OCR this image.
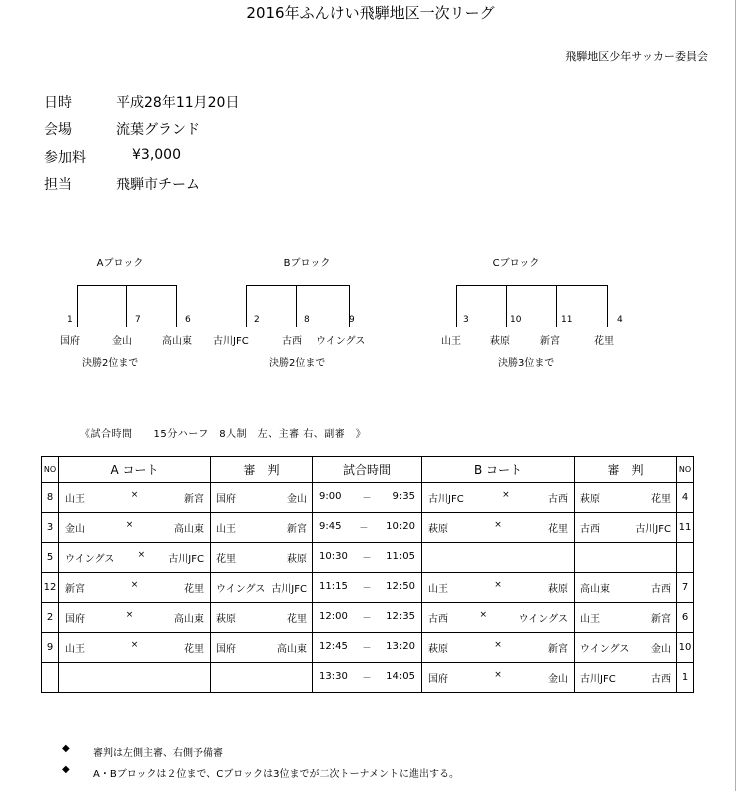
2016年ふんけい飛騨地区一次リーグ
飛騨地区少年サッカー委員会
日時	平成28年11月20日
会場	流葉グランド
参加料	¥3,000
担当	飛騨市チーム
Aブロック
1	7	6
国府	金山	高山東
決勝2位まで
Bブロック
2	8	9
古川JFC	古西 ウイングス
決勝2位まで
Cブロック
3	10	11	4
山王	萩原	新宮	花里
決勝3位まで
《試合時間　　15分ハーフ　8人制　左、主審 右、副審　》
NO	A コート	審　判	試合時間	B コート	審　判	NO
8	山王 × 新宮	国府 金山	9:00 － 9:35	古川JFC × 古西	萩原 花里	4
3	金山 × 高山東	山王 新宮	9:45 － 10:20	萩原 × 花里	古西 古川JFC	11
5	ウイングス × 古川JFC	花里 萩原	10:30 － 11:05			

12	新宮 × 花里	ウイングス 古川JFC	11:15 － 12:50	山王 × 萩原	高山東 古西	7
2	国府 × 高山東	萩原 花里	12:00 － 12:35	古西 × ウイングス	山王 新宮	6
9	山王 × 花里	国府 高山東	12:45 － 13:20	萩原 × 新宮	ウイングス 金山	10

			13:30 － 14:05	国府 × 金山	古川JFC 古西	1
◆ 審判は左側主審、右側予備審
◆ A・Bブロックは２位まで、Cブロックは3位までが二次トーナメントに進出する。
